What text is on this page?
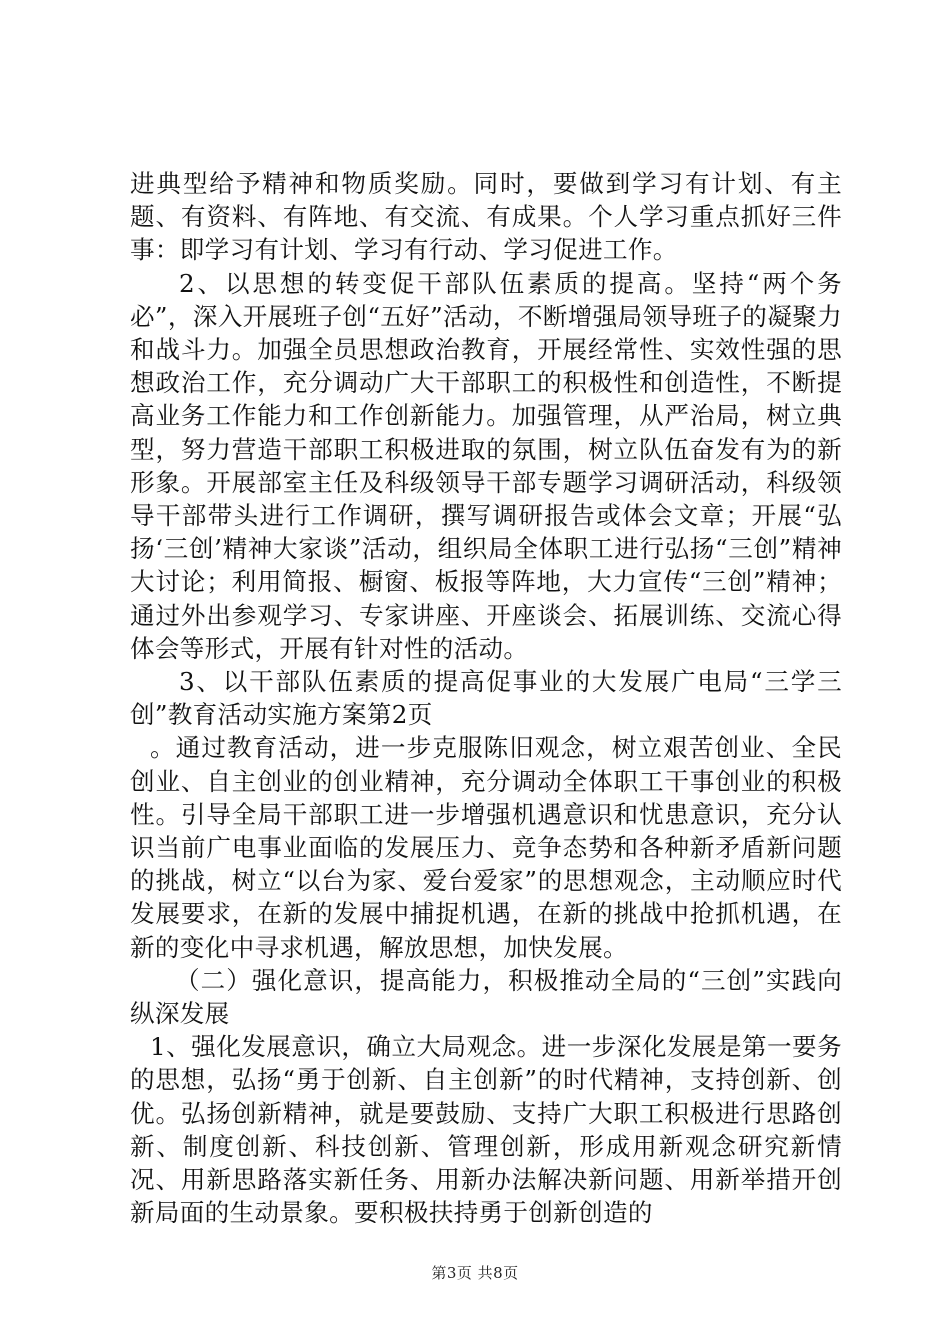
进典型给予精神和物质奖励。同时，要做到学习有计划、有主题、有资料、有阵地、有交流、有成果。个人学习重点抓好三件事：即学习有计划、学习有行动、学习促进工作。

2、以思想的转变促干部队伍素质的提高。坚持“两个务必”，深入开展班子创“五好”活动，不断增强局领导班子的凝聚力和战斗力。加强全员思想政治教育，开展经常性、实效性强的思想政治工作，充分调动广大干部职工的积极性和创造性，不断提高业务工作能力和工作创新能力。加强管理，从严治局，树立典型，努力营造干部职工积极进取的氛围，树立队伍奋发有为的新形象。开展部室主任及科级领导干部专题学习调研活动，科级领导干部带头进行工作调研，撰写调研报告或体会文章；开展“弘扬‘三创’精神大家谈”活动，组织局全体职工进行弘扬“三创”精神大讨论；利用简报、橱窗、板报等阵地，大力宣传“三创”精神；通过外出参观学习、专家讲座、开座谈会、拓展训练、交流心得体会等形式，开展有针对性的活动。

3、以干部队伍素质的提高促事业的大发展广电局“三学三创”教育活动实施方案第2页

。通过教育活动，进一步克服陈旧观念，树立艰苦创业、全民创业、自主创业的创业精神，充分调动全体职工干事创业的积极性。引导全局干部职工进一步增强机遇意识和忧患意识，充分认识当前广电事业面临的发展压力、竞争态势和各种新矛盾新问题的挑战，树立“以台为家、爱台爱家”的思想观念，主动顺应时代发展要求，在新的发展中捕捉机遇，在新的挑战中抢抓机遇，在新的变化中寻求机遇，解放思想，加快发展。

（二）强化意识，提高能力，积极推动全局的“三创”实践向纵深发展

1、强化发展意识，确立大局观念。进一步深化发展是第一要务的思想，弘扬“勇于创新、自主创新”的时代精神，支持创新、创优。弘扬创新精神，就是要鼓励、支持广大职工积极进行思路创新、制度创新、科技创新、管理创新，形成用新观念研究新情况、用新思路落实新任务、用新办法解决新问题、用新举措开创新局面的生动景象。要积极扶持勇于创新创造的

第3页 共8页
